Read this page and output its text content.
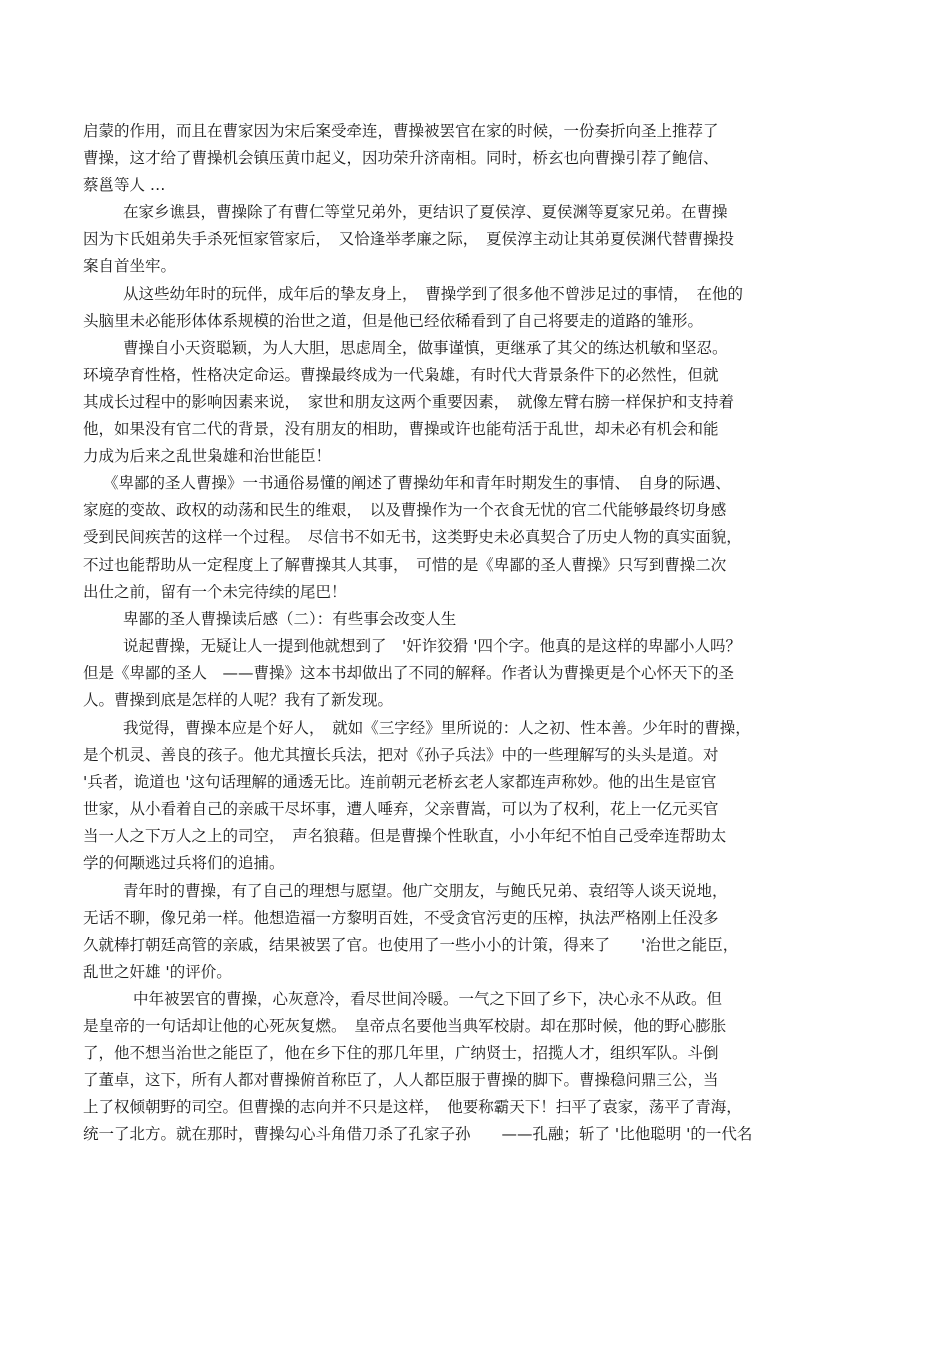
启蒙的作用，而且在曹家因为宋后案受牵连，曹操被罢官在家的时候，一份奏折向圣上推荐了
曹操，这才给了曹操机会镇压黄巾起义，因功荣升济南相。同时，桥玄也向曹操引荐了鲍信、
蔡邕等人 …
在家乡谯县，曹操除了有曹仁等堂兄弟外，更结识了夏侯淳、夏侯渊等夏家兄弟。在曹操
因为卞氏姐弟失手杀死恒家管家后，　又恰逢举孝廉之际，　夏侯淳主动让其弟夏侯渊代替曹操投
案自首坐牢。
从这些幼年时的玩伴，成年后的挚友身上，　曹操学到了很多他不曾涉足过的事情，　在他的
头脑里未必能形体体系规模的治世之道，但是他已经依稀看到了自己将要走的道路的雏形。
曹操自小天资聪颖，为人大胆，思虑周全，做事谨慎，更继承了其父的练达机敏和坚忍。
环境孕育性格，性格决定命运。曹操最终成为一代枭雄，有时代大背景条件下的必然性，但就
其成长过程中的影响因素来说，　家世和朋友这两个重要因素，　就像左臂右膀一样保护和支持着
他，如果没有官二代的背景，没有朋友的相助，曹操或许也能苟活于乱世，却未必有机会和能
力成为后来之乱世枭雄和治世能臣！
《卑鄙的圣人曹操》一书通俗易懂的阐述了曹操幼年和青年时期发生的事情、　自身的际遇、
家庭的变故、政权的动荡和民生的维艰，　以及曹操作为一个衣食无忧的官二代能够最终切身感
受到民间疾苦的这样一个过程。　尽信书不如无书，这类野史未必真契合了历史人物的真实面貌，
不过也能帮助从一定程度上了解曹操其人其事，　可惜的是《卑鄙的圣人曹操》只写到曹操二次
出仕之前，留有一个未完待续的尾巴！
卑鄙的圣人曹操读后感（二）：有些事会改变人生
说起曹操，无疑让人一提到他就想到了　'奸诈狡猾 '四个字。他真的是这样的卑鄙小人吗？
但是《卑鄙的圣人　——曹操》这本书却做出了不同的解释。作者认为曹操更是个心怀天下的圣
人。曹操到底是怎样的人呢？我有了新发现。
我觉得，曹操本应是个好人，　就如《三字经》里所说的：人之初、性本善。少年时的曹操，
是个机灵、善良的孩子。他尤其擅长兵法，把对《孙子兵法》中的一些理解写的头头是道。对
'兵者，诡道也 '这句话理解的通透无比。连前朝元老桥玄老人家都连声称妙。他的出生是宦官
世家，从小看着自己的亲戚干尽坏事，遭人唾弃，父亲曹嵩，可以为了权利，花上一亿元买官
当一人之下万人之上的司空，　声名狼藉。但是曹操个性耿直，小小年纪不怕自己受牵连帮助太
学的何颙逃过兵将们的追捕。
青年时的曹操，有了自己的理想与愿望。他广交朋友，与鲍氏兄弟、袁绍等人谈天说地，
无话不聊，像兄弟一样。他想造福一方黎明百姓，不受贪官污吏的压榨，执法严格刚上任没多
久就棒打朝廷高管的亲戚，结果被罢了官。也使用了一些小小的计策，得来了　　'治世之能臣，
乱世之奸雄 '的评价。
中年被罢官的曹操，心灰意冷，看尽世间冷暖。一气之下回了乡下，决心永不从政。但
是皇帝的一句话却让他的心死灰复燃。　皇帝点名要他当典军校尉。却在那时候，他的野心膨胀
了，他不想当治世之能臣了，他在乡下住的那几年里，广纳贤士，招揽人才，组织军队。斗倒
了董卓，这下，所有人都对曹操俯首称臣了，人人都臣服于曹操的脚下。曹操稳问鼎三公，当
上了权倾朝野的司空。但曹操的志向并不只是这样，　他要称霸天下！扫平了袁家，荡平了青海，
统一了北方。就在那时，曹操勾心斗角借刀杀了孔家子孙　　——孔融；斩了 '比他聪明 '的一代名
